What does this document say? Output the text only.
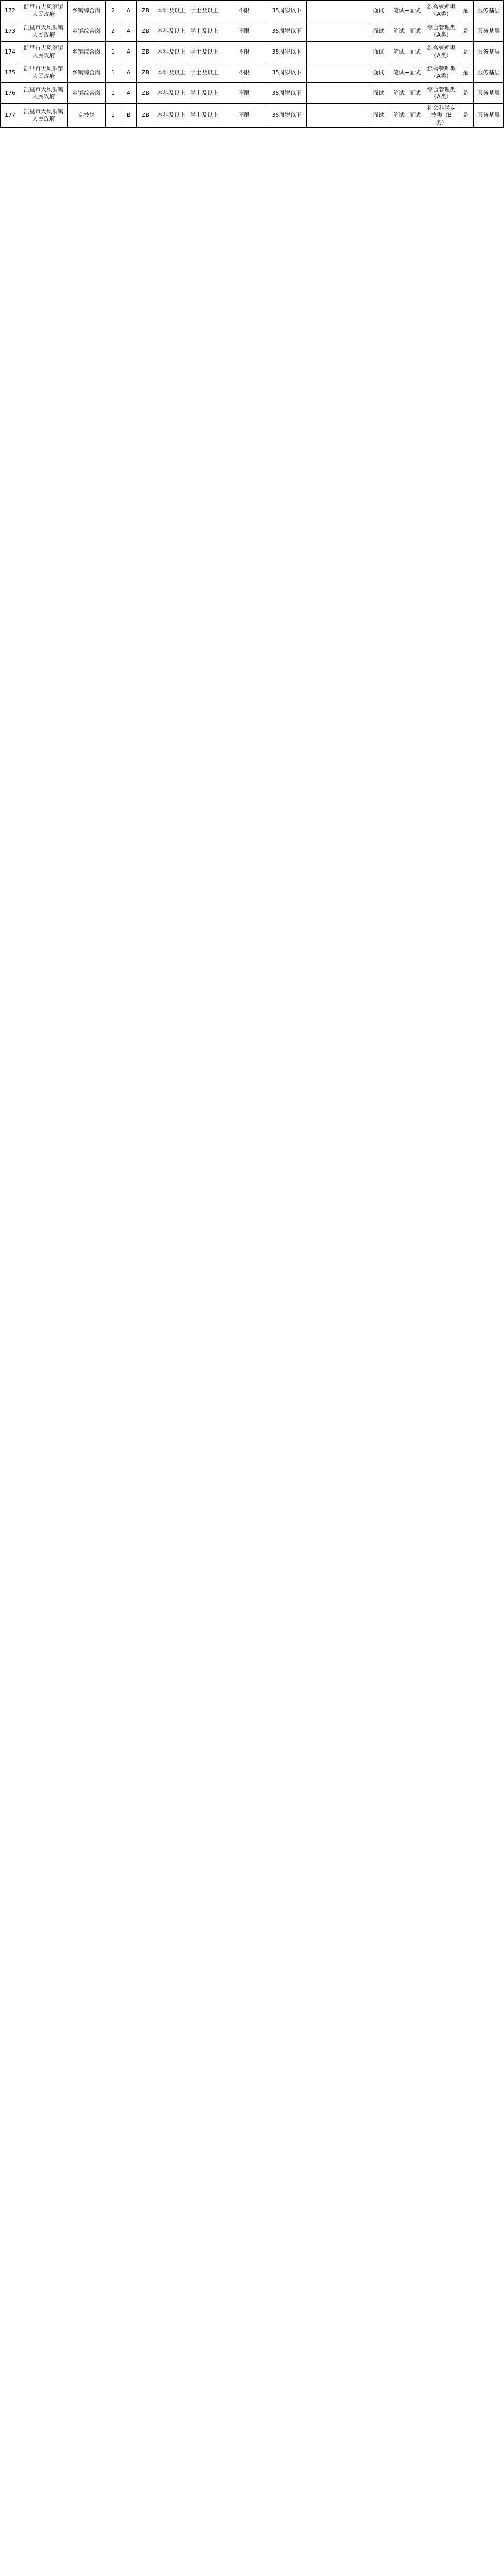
172	凯里市大风洞镇人民政府	乡镇综合岗	2	A	ZB	本科及以上	学士及以上	不限	35周岁以下		面试	笔试+面试	综合管理类（A类）	是	服务基层
173	凯里市大风洞镇人民政府	乡镇综合岗	2	A	ZB	本科及以上	学士及以上	不限	35周岁以下		面试	笔试+面试	综合管理类（A类）	是	服务基层
174	凯里市大风洞镇人民政府	乡镇综合岗	1	A	ZB	本科及以上	学士及以上	不限	35周岁以下		面试	笔试+面试	综合管理类（A类）	是	服务基层
175	凯里市大风洞镇人民政府	乡镇综合岗	1	A	ZB	本科及以上	学士及以上	不限	35周岁以下		面试	笔试+面试	综合管理类（A类）	是	服务基层
176	凯里市大风洞镇人民政府	乡镇综合岗	1	A	ZB	本科及以上	学士及以上	不限	35周岁以下		面试	笔试+面试	综合管理类（A类）	是	服务基层
177	凯里市大风洞镇人民政府	专技岗	1	B	ZB	本科及以上	学士及以上	不限	35周岁以下		面试	笔试+面试	社会科学专技类（B类）	是	服务基层
